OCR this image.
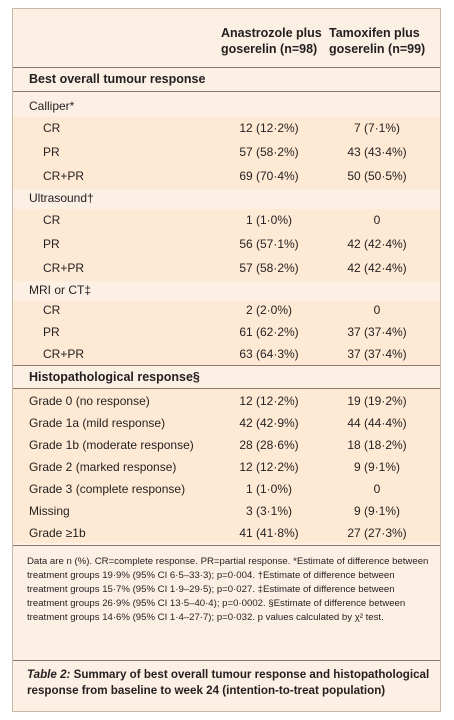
Anastrozole plus goserelin (n=98)
Tamoxifen plus goserelin (n=99)
Best overall tumour response
Calliper*
CR	12 (12·2%)	7 (7·1%)
PR	57 (58·2%)	43 (43·4%)
CR+PR	69 (70·4%)	50 (50·5%)
Ultrasound†
CR	1 (1·0%)	0
PR	56 (57·1%)	42 (42·4%)
CR+PR	57 (58·2%)	42 (42·4%)
MRI or CT‡
CR	2 (2·0%)	0
PR	61 (62·2%)	37 (37·4%)
CR+PR	63 (64·3%)	37 (37·4%)
Histopathological response§
Grade 0 (no response)	12 (12·2%)	19 (19·2%)
Grade 1a (mild response)	42 (42·9%)	44 (44·4%)
Grade 1b (moderate response)	28 (28·6%)	18 (18·2%)
Grade 2 (marked response)	12 (12·2%)	9 (9·1%)
Grade 3 (complete response)	1 (1·0%)	0
Missing	3 (3·1%)	9 (9·1%)
Grade ≥1b	41 (41·8%)	27 (27·3%)
Data are n (%). CR=complete response. PR=partial response. *Estimate of difference between treatment groups 19·9% (95% CI 6·5–33·3); p=0·004. †Estimate of difference between treatment groups 15·7% (95% CI 1·9–29·5); p=0·027. ‡Estimate of difference between treatment groups 26·9% (95% CI 13·5–40·4); p=0·0002. §Estimate of difference between treatment groups 14·6% (95% CI 1·4–27·7); p=0·032. p values calculated by χ² test.
Table 2: Summary of best overall tumour response and histopathological response from baseline to week 24 (intention-to-treat population)
